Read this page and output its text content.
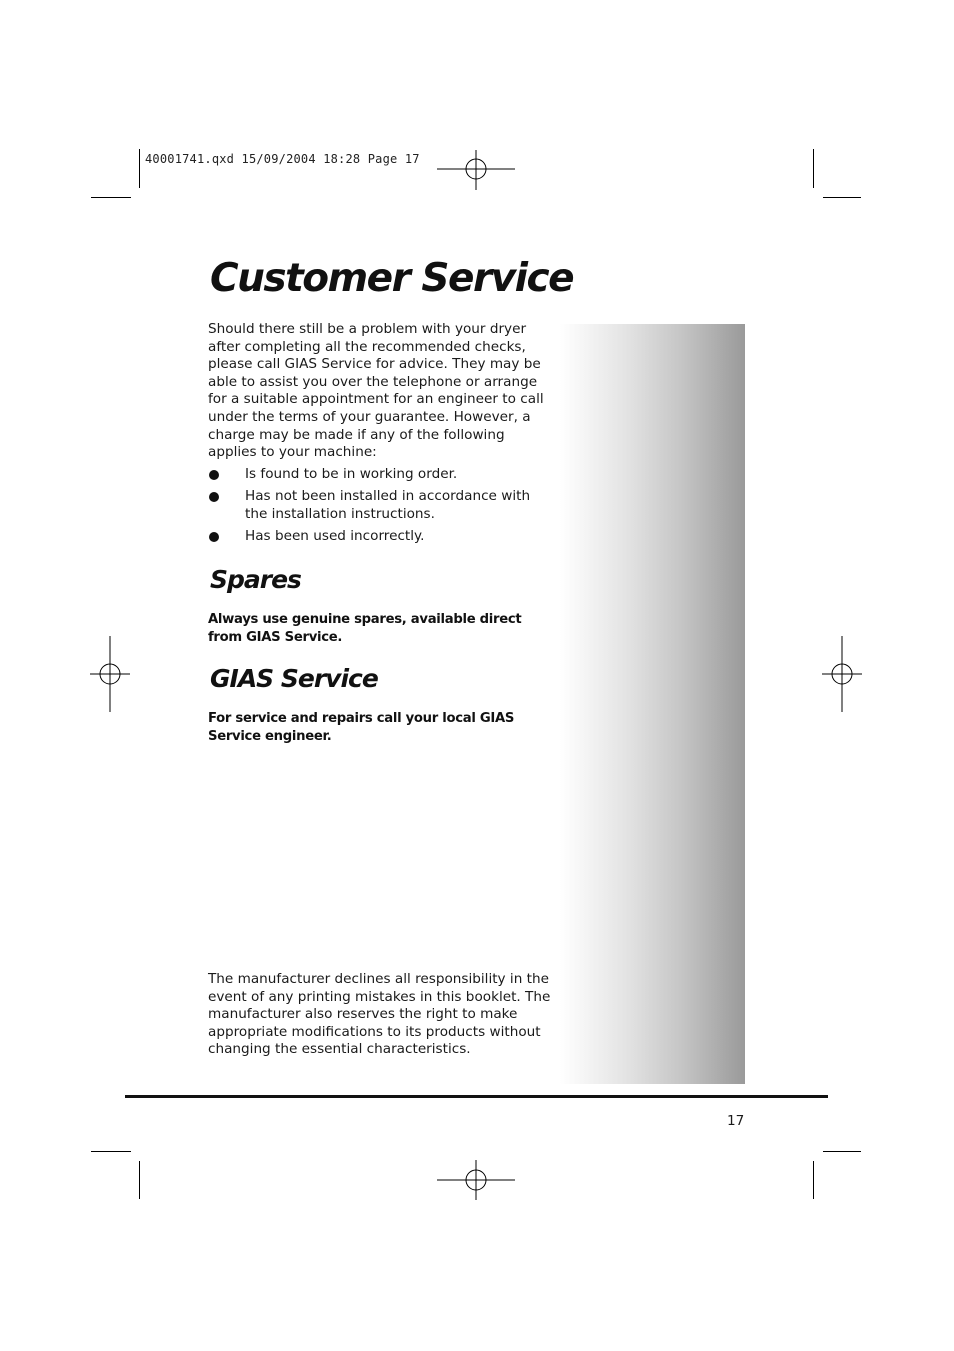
40001741.qxd 15/09/2004 18:28 Page 17
Customer Service

Should there still be a problem with your dryer after completing all the recommended checks, please call GIAS Service for advice. They may be able to assist you over the telephone or arrange for a suitable appointment for an engineer to call under the terms of your guarantee. However, a charge may be made if any of the following applies to your machine:

Is found to be in working order.
Has not been installed in accordance with the installation instructions.
Has been used incorrectly.
Spares

Always use genuine spares, available direct from GIAS Service.

GIAS Service

For service and repairs call your local GIAS Service engineer.

The manufacturer declines all responsibility in the event of any printing mistakes in this booklet. The manufacturer also reserves the right to make appropriate modifications to its products without changing the essential characteristics.

17
